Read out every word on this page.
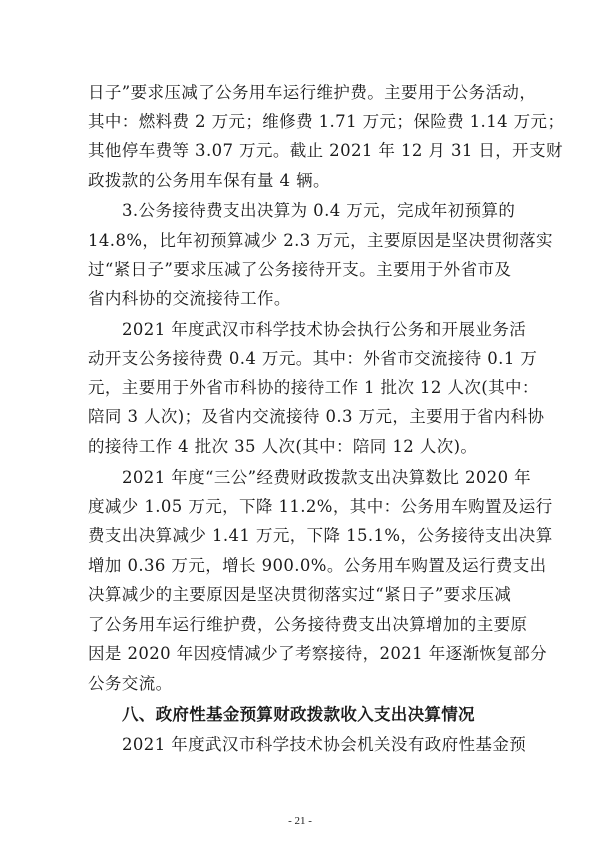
日子”要求压减了公务用车运行维护费。主要用于公务活动，
其中：燃料费 2 万元；维修费 1.71 万元；保险费 1.14 万元；
其他停车费等 3.07 万元。截止 2021 年 12 月 31 日，开支财
政拨款的公务用车保有量 4 辆。
3.公务接待费支出决算为 0.4 万元，完成年初预算的
14.8%，比年初预算减少 2.3 万元，主要原因是坚决贯彻落实
过“紧日子”要求压减了公务接待开支。主要用于外省市及
省内科协的交流接待工作。
2021 年度武汉市科学技术协会执行公务和开展业务活
动开支公务接待费 0.4 万元。其中：外省市交流接待 0.1 万
元，主要用于外省市科协的接待工作 1 批次 12 人次(其中：
陪同 3 人次)；及省内交流接待 0.3 万元，主要用于省内科协
的接待工作 4 批次 35 人次(其中：陪同 12 人次)。
2021 年度“三公”经费财政拨款支出决算数比 2020 年
度减少 1.05 万元，下降 11.2%，其中：公务用车购置及运行
费支出决算减少 1.41 万元，下降 15.1%，公务接待支出决算
增加 0.36 万元，增长 900.0%。公务用车购置及运行费支出
决算减少的主要原因是坚决贯彻落实过“紧日子”要求压减
了公务用车运行维护费，公务接待费支出决算增加的主要原
因是 2020 年因疫情减少了考察接待，2021 年逐渐恢复部分
公务交流。
八、政府性基金预算财政拨款收入支出决算情况
2021 年度武汉市科学技术协会机关没有政府性基金预
- 21 -
